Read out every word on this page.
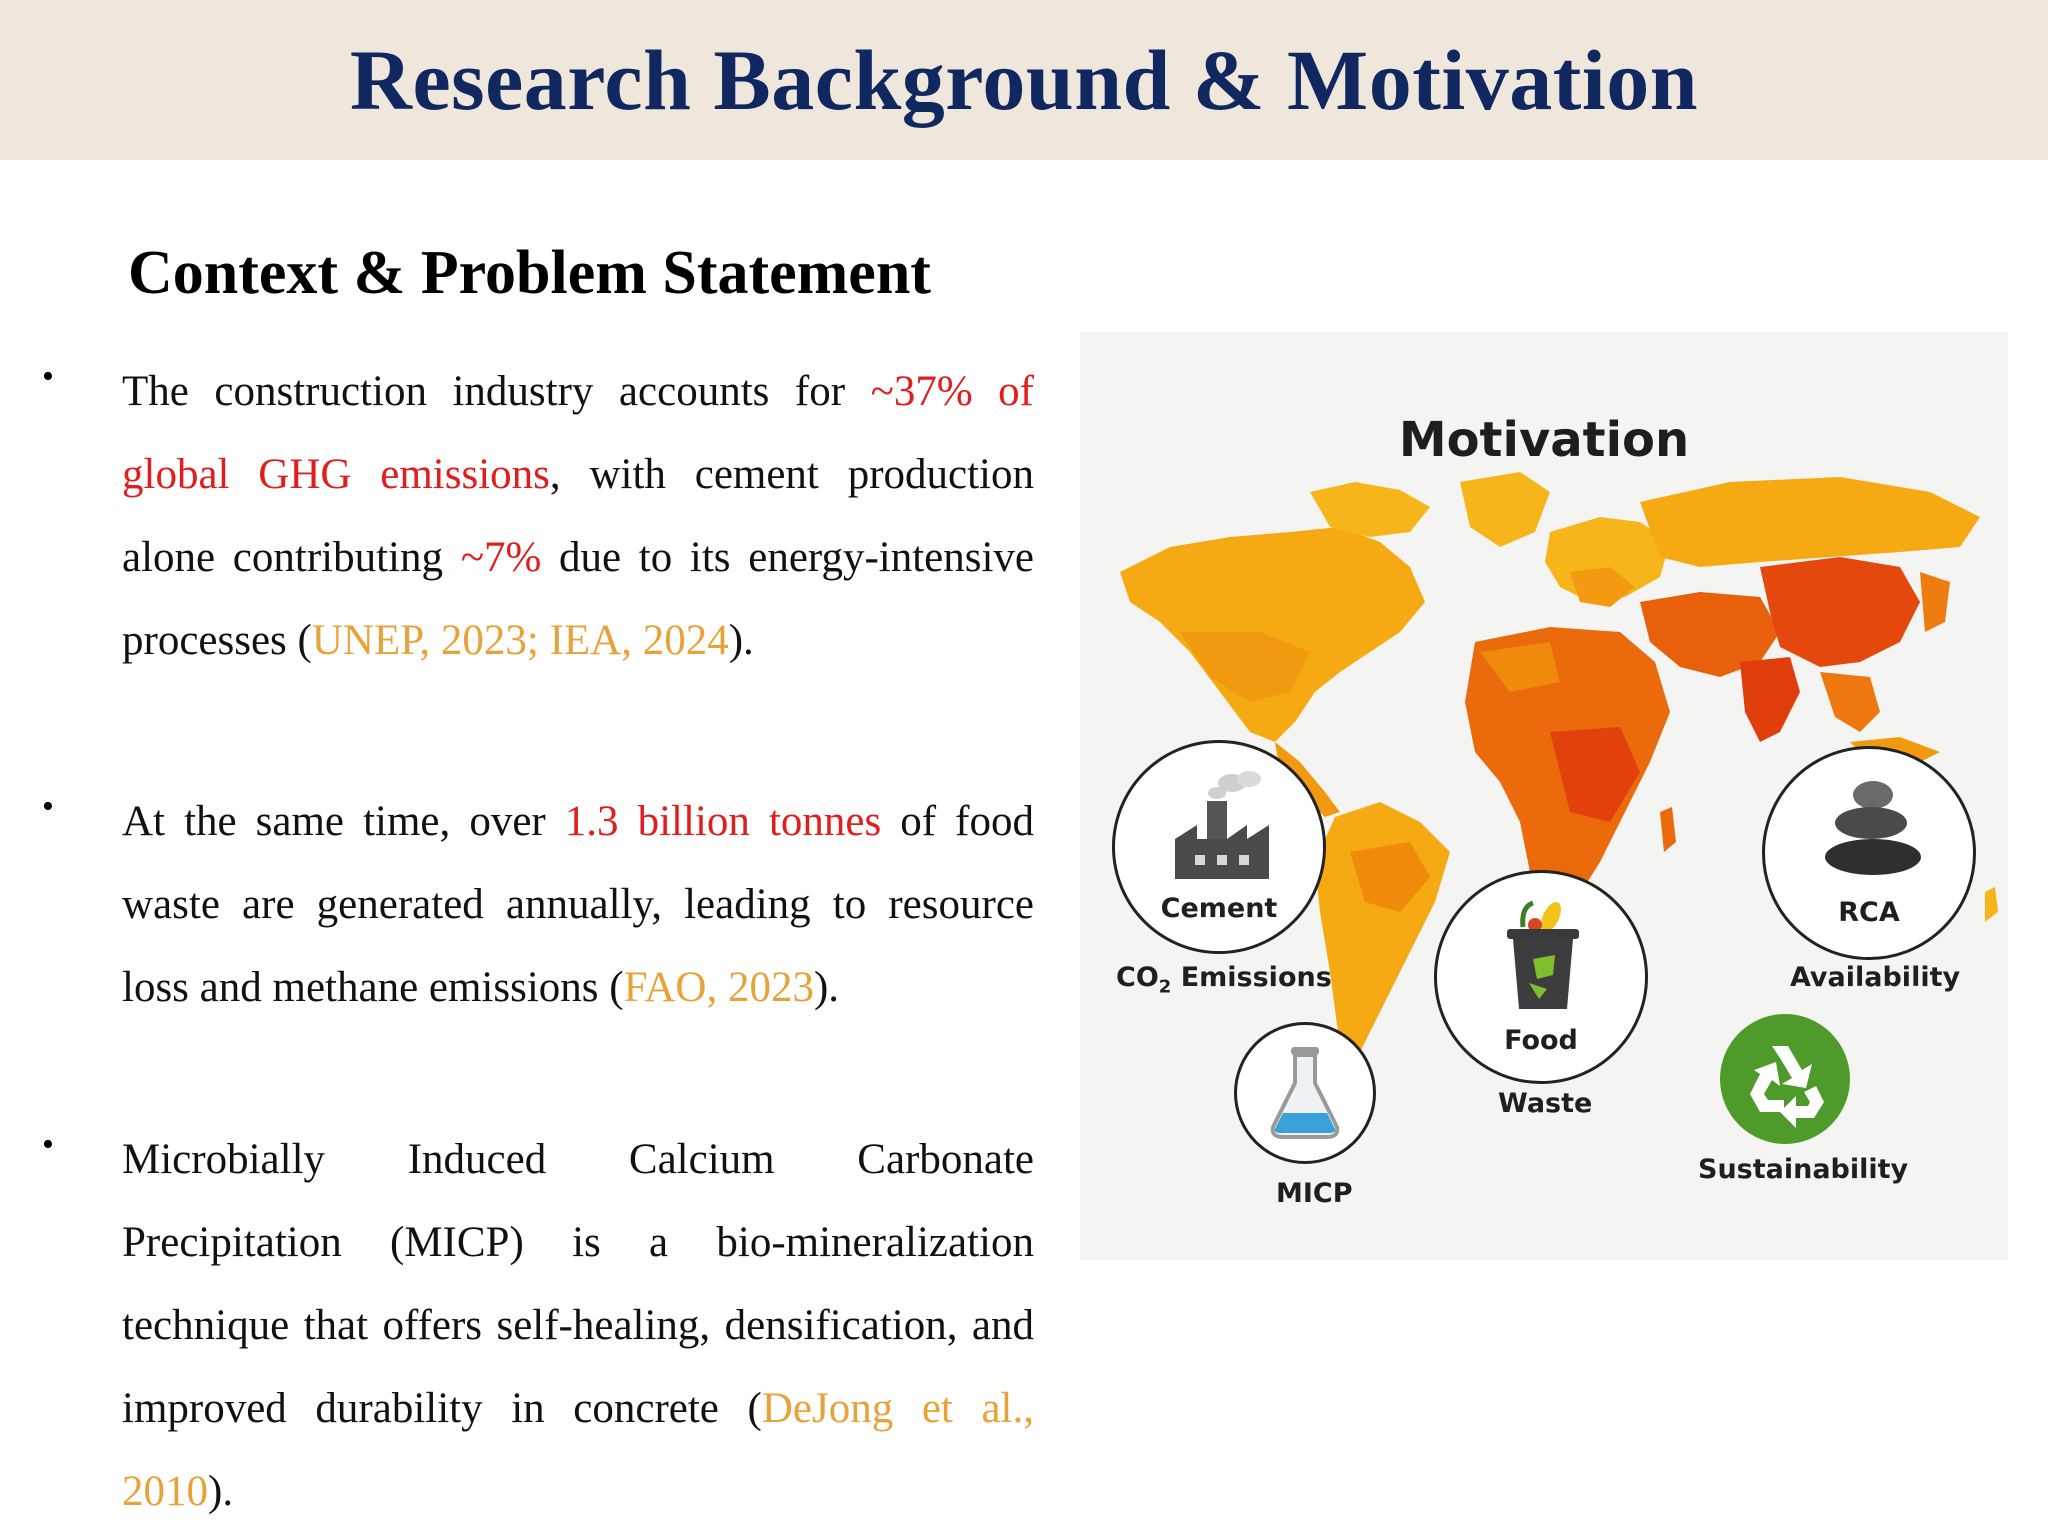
Research Background & Motivation
Context & Problem Statement
• The construction industry accounts for ~37% of global GHG emissions, with cement production alone contributing ~7% due to its energy-intensive processes (UNEP, 2023; IEA, 2024).
• At the same time, over 1.3 billion tonnes of food waste are generated annually, leading to resource loss and methane emissions (FAO, 2023).
• Microbially Induced Calcium Carbonate Precipitation (MICP) is a bio-mineralization technique that offers self-healing, densification, and improved durability in concrete (DeJong et al., 2010).
Motivation
Cement
$CO_2$ Emissions
MICP
Food
Waste
RCA
Availability
Sustainability
